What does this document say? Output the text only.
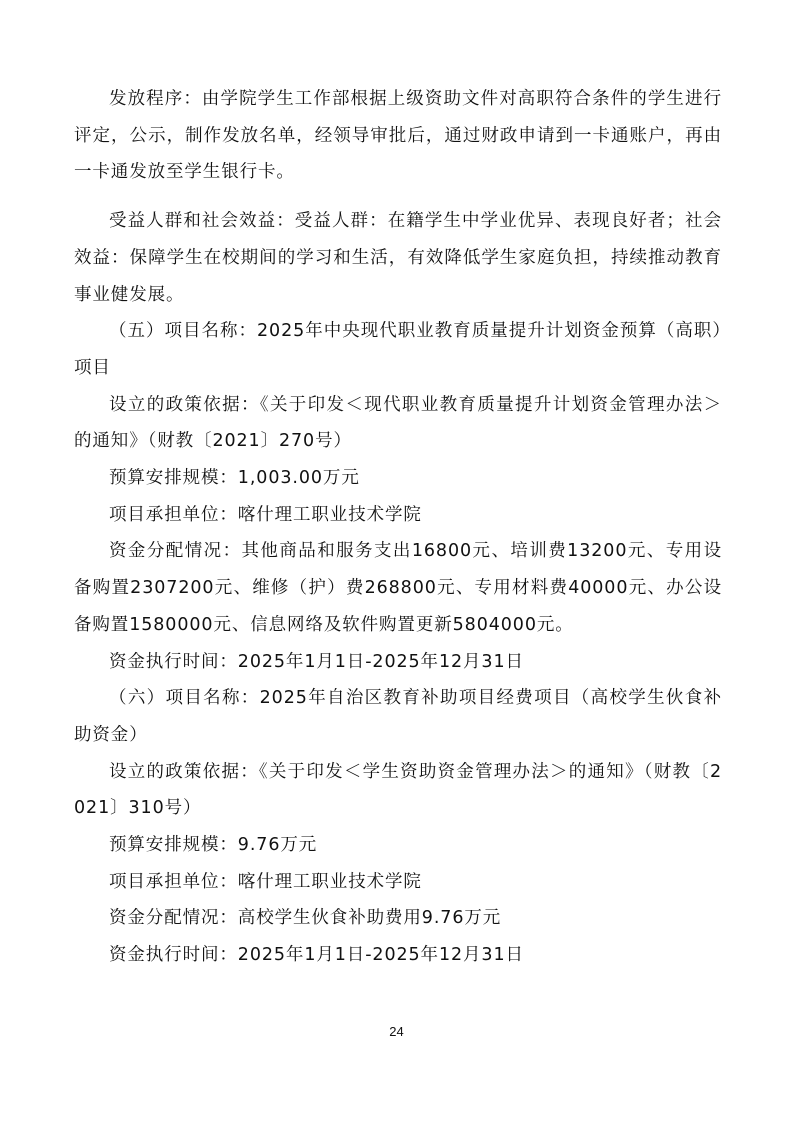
发放程序：由学院学生工作部根据上级资助文件对高职符合条件的学生进行评定，公示，制作发放名单，经领导审批后，通过财政申请到一卡通账户，再由一卡通发放至学生银行卡。

受益人群和社会效益：受益人群：在籍学生中学业优异、表现良好者；社会效益：保障学生在校期间的学习和生活，有效降低学生家庭负担，持续推动教育事业健发展。

（五）项目名称：2025年中央现代职业教育质量提升计划资金预算（高职）项目

设立的政策依据：《关于印发＜现代职业教育质量提升计划资金管理办法＞的通知》（财教〔2021〕270号）

预算安排规模：1,003.00万元

项目承担单位：喀什理工职业技术学院

资金分配情况：其他商品和服务支出16800元、培训费13200元、专用设备购置2307200元、维修（护）费268800元、专用材料费40000元、办公设备购置1580000元、信息网络及软件购置更新5804000元。

资金执行时间：2025年1月1日-2025年12月31日

（六）项目名称：2025年自治区教育补助项目经费项目（高校学生伙食补助资金）

设立的政策依据：《关于印发＜学生资助资金管理办法＞的通知》（财教〔2021〕310号）

预算安排规模：9.76万元

项目承担单位：喀什理工职业技术学院

资金分配情况：高校学生伙食补助费用9.76万元

资金执行时间：2025年1月1日-2025年12月31日

24
